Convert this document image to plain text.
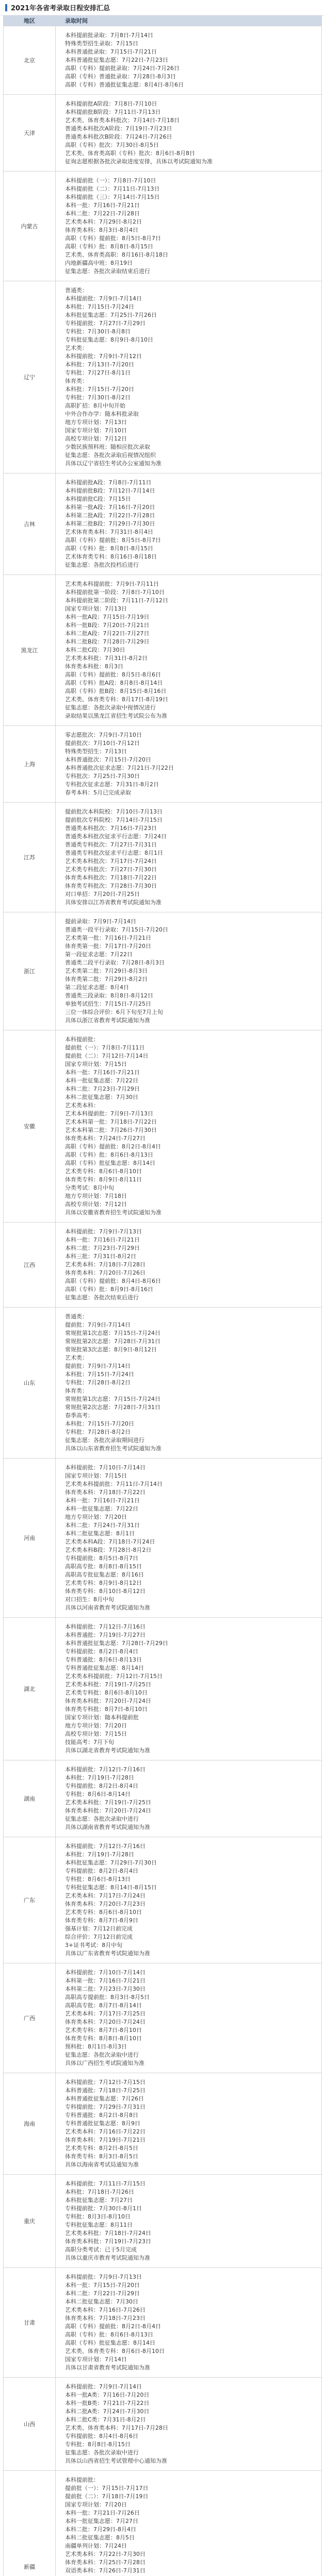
2021年各省考录取日程安排汇总
地区	录取时间
北京
本科提前批录取：7月8日-7月14日
特殊类型招生录取：7月15日
本科普通批录取：7月15日-7月21日
本科普通批征集志愿：7月22日-7月23日
高职（专科）提前批录取：7月24日-7月26日
高职（专科）普通批录取：7月28日-8月3日
高职（专科）普通批征集志愿：8月4日-8月6日
天津
本科提前批A阶段：7月8日-7月10日
本科提前批B阶段：7月11日-7月13日
艺术类、体育类本科批次：7月14日-7月18日
普通类本科批次A阶段：7月19日-7月23日
普通类本科批次B阶段：7月24日-7月26日
高职（专科）批次：7月30日-8月5日
艺术类、体育类高职（专科）批次：8月6日-8月8日
征询志愿根据各批次录取进度安排，具体以考试院通知为准
内蒙古
本科提前批（一）：7月8日-7月10日
本科提前批（二）：7月11日-7月13日
本科提前批（三）：7月14日-7月15日
本科一批：7月16日-7月21日
本科二批：7月22日-7月28日
艺术类本科：7月29日-8月2日
体育类本科：8月3日-8月4日
高职（专科）提前批：8月5日-8月7日
高职（专科）批：8月8日-8月15日
艺术类、体育类高职：8月16日-8月18日
内地新疆高中班：8月19日
征集志愿：各批次录取结束后进行
辽宁
普通类：
本科提前批：7月9日-7月14日
本科批：7月15日-7月24日
本科批征集志愿：7月25日-7月26日
专科提前批：7月27日-7月29日
专科批：7月30日-8月8日
专科批征集志愿：8月9日-8月10日
艺术类：
本科提前批：7月9日-7月12日
本科批：7月13日-7月20日
专科批：7月27日-8月1日
体育类：
本科批：7月15日-7月20日
专科批：7月30日-8月2日
高职扩招：8月中旬开始
中外合作办学：随本科批录取
地方专项计划：7月13日
国家专项计划：7月10日
高校专项计划：7月12日
少数民族预科班：随相应批次录取
征集志愿：各批次录取后视情况组织
具体以辽宁省招生考试办公室通知为准
吉林
本科提前批A段：7月8日-7月11日
本科提前批B段：7月12日-7月14日
本科提前批C段：7月15日
本科第一批A段：7月16日-7月20日
本科第二批A段：7月22日-7月28日
本科第二批B段：7月29日-7月30日
艺术体育类本科：7月31日-8月4日
高职（专科）提前批：8月5日-8月7日
高职（专科）批：8月8日-8月15日
艺术体育类专科：8月16日-8月18日
征集志愿：各批次投档后进行
黑龙江
艺术类本科提前批：7月9日-7月11日
本科提前批第一阶段：7月8日-7月10日
本科提前批第二阶段：7月11日-7月12日
国家专项计划：7月13日
本科一批A段：7月15日-7月19日
本科一批B段：7月20日-7月21日
本科二批A段：7月22日-7月27日
本科二批B段：7月28日-7月29日
本科二批C段：7月30日
艺术类本科批：7月31日-8月2日
体育类本科批：8月3日
高职（专科）提前批：8月5日-8月6日
高职（专科）批A段：8月8日-8月14日
高职（专科）批B段：8月15日-8月16日
艺术类、体育类专科：8月17日-8月19日
征集志愿：各批次录取中视情况进行
录取结果以黑龙江省招生考试院公布为准
上海
零志愿批次：7月9日-7月10日
提前批次：7月10日-7月12日
特殊类型招生：7月13日
本科普通批次：7月15日-7月20日
本科普通批次征求志愿：7月21日-7月22日
专科批次：7月25日-7月30日
专科批次征求志愿：7月31日-8月2日
春考本科：5月已完成录取
江苏
提前批次本科院校：7月10日-7月13日
提前批次专科院校：7月14日-7月15日
普通类本科批次：7月16日-7月23日
普通类本科批次征求平行志愿：7月24日
普通类专科批次：7月27日-7月31日
普通类专科批次征求平行志愿：8月1日
艺术类本科批次：7月17日-7月24日
艺术类专科批次：7月27日-7月30日
体育类本科批次：7月18日-7月22日
体育类专科批次：7月28日-7月30日
对口单招：7月20日-7月25日
具体安排以江苏省教育考试院通知为准
浙江
提前录取：7月9日-7月14日
普通类一段平行录取：7月15日-7月20日
艺术类第一批：7月16日-7月21日
体育类第一批：7月17日-7月20日
第一段征求志愿：7月22日
普通类二段平行录取：7月28日-8月3日
艺术类第二批：7月29日-8月3日
体育类第二批：7月29日-8月2日
第二段征求志愿：8月4日
普通类三段录取：8月8日-8月12日
单独考试招生：7月15日-7月25日
三位一体综合评价：6月下旬至7月上旬
具体以浙江省教育考试院通知为准
安徽
本科提前批：
提前批（一）：7月8日-7月11日
提前批（二）：7月12日-7月14日
国家专项计划：7月15日
本科一批：7月16日-7月21日
本科一批征集志愿：7月22日
本科二批：7月23日-7月29日
本科二批征集志愿：7月30日
艺术类本科：
艺术本科提前批：7月9日-7月13日
艺术本科第一批：7月18日-7月22日
艺术本科第二批：7月26日-7月30日
体育类本科：7月24日-7月27日
高职（专科）提前批：8月2日-8月4日
高职（专科）批：8月6日-8月13日
高职（专科）批征集志愿：8月14日
艺术类专科：8月6日-8月10日
体育类专科：8月9日-8月11日
分类考试：8月中旬
地方专项计划：7月18日
高校专项计划：7月12日
具体以安徽省教育招生考试院通知为准
江西
本科提前批：7月9日-7月13日
本科一批：7月16日-7月21日
本科二批：7月23日-7月29日
本科三批：7月31日-8月2日
艺术类本科：7月18日-7月28日
体育类本科：7月20日-7月26日
高职（专科）提前批：8月4日-8月6日
高职（专科）批：8月9日-8月16日
征集志愿：各批次结束后进行
山东
普通类：
提前批：7月9日-7月14日
常规批第1次志愿：7月15日-7月24日
常规批第2次志愿：7月28日-7月31日
常规批第3次志愿：8月9日-8月12日
艺术类：
提前批：7月9日-7月14日
本科批：7月15日-7月24日
专科批：7月28日-8月2日
体育类：
常规批第1次志愿：7月15日-7月24日
常规批第2次志愿：7月28日-7月31日
春季高考：
本科批：7月15日-7月20日
专科批：7月28日-8月2日
征集志愿：各批次录取期间进行
具体以山东省教育招生考试院通知为准
河南
本科提前批：7月10日-7月14日
国家专项计划：7月15日
艺术类本科提前批：7月11日-7月14日
体育类本科：7月18日-7月22日
本科一批：7月16日-7月21日
本科一批征集志愿：7月22日
地方专项计划：7月20日
本科二批：7月24日-7月31日
本科二批征集志愿：8月1日
艺术类本科A段：7月18日-7月24日
艺术类本科B段：7月28日-8月2日
专科提前批：8月5日-8月7日
高职高专批：8月8日-8月15日
高职高专批征集志愿：8月16日
艺术类专科：8月9日-8月12日
体育类专科：8月10日-8月12日
对口招生：8月中旬
具体以河南省教育考试院通知为准
湖北
本科提前批：7月12日-7月16日
本科普通批：7月19日-7月27日
本科普通批征集志愿：7月28日-7月29日
专科提前批：8月2日-8月4日
专科普通批：8月6日-8月13日
专科普通批征集志愿：8月14日
艺术类本科提前批：7月12日-7月15日
艺术类本科批：7月19日-7月25日
艺术类专科批：8月6日-8月10日
体育类本科批：7月20日-7月24日
体育类专科批：8月7日-8月10日
国家专项计划：随本科提前批
地方专项计划：7月20日
高校专项计划：7月15日
技能高考：7月下旬
具体以湖北省教育考试院通知为准
湖南
本科提前批：7月12日-7月16日
本科批：7月19日-7月28日
专科提前批：8月2日-8月4日
专科批：8月6日-8月14日
艺术类本科批：7月19日-7月25日
体育类本科批：7月20日-7月24日
征集志愿：各批次录取中进行
具体以湖南省教育考试院通知为准
广东
本科提前批：7月12日-7月16日
本科批：7月19日-7月28日
本科批征集志愿：7月29日-7月30日
专科提前批：8月2日-8月4日
专科批：8月6日-8月13日
专科批征集志愿：8月14日-8月15日
艺术类本科：7月17日-7月24日
体育类本科：7月20日-7月23日
艺术类专科：8月6日-8月10日
体育类专科：8月7日-8月9日
强基计划：7月12日前完成
综合评价：7月12日前完成
3+证书考试：8月中旬
具体以广东省教育考试院通知为准
广西
本科提前批：7月10日-7月14日
本科第一批：7月16日-7月21日
本科第二批：7月23日-7月30日
高职高专提前批：8月3日-8月5日
高职高专批：8月7日-8月14日
艺术类本科：7月17日-7月25日
体育类本科：7月20日-7月24日
艺术类专科：8月7日-8月10日
体育类专科：8月8日-8月10日
预科批：8月1日-8月3日
征集志愿：各批次录取中进行
具体以广西招生考试院通知为准
海南
本科提前批：7月12日-7月15日
本科普通批：7月18日-7月25日
本科普通批征集志愿：7月26日
专科提前批：7月29日-7月31日
专科普通批：8月2日-8月8日
专科普通批征集志愿：8月9日
艺术类本科：7月16日-7月22日
体育类本科：7月19日-7月21日
艺术类专科：8月2日-8月5日
体育类专科：8月3日-8月5日
具体以海南省考试局通知为准
重庆
本科提前批：7月11日-7月15日
本科批：7月18日-7月26日
本科批征集志愿：7月27日
专科提前批：7月30日-8月1日
专科批：8月3日-8月10日
专科批征集志愿：8月11日
艺术类本科批：7月18日-7月24日
体育类本科批：7月19日-7月23日
高职分类考试：已于5月完成
具体以重庆市教育考试院通知为准
甘肃
本科提前批：7月9日-7月13日
本科一批：7月15日-7月20日
本科二批：7月22日-7月29日
本科二批征集志愿：7月30日
艺术类本科：7月16日-7月26日
体育类本科：7月18日-7月23日
高职（专科）提前批：8月2日-8月4日
高职（专科）批：8月6日-8月13日
高职（专科）批征集志愿：8月14日
艺术类、体育类专科：8月6日-8月10日
国家专项计划：7月14日
具体以甘肃省教育考试院通知为准
山西
本科提前批：7月9日-7月14日
本科一批A类：7月16日-7月20日
本科一批B类：7月21日-7月22日
本科二批A类：7月24日-7月30日
本科二批C类：7月31日-8月2日
艺术类、体育类本科：7月17日-7月28日
专科提前批：8月4日-8月6日
专科批：8月8日-8月15日
征集志愿：各批次录取中进行
具体以山西省招生考试管理中心通知为准
新疆
本科提前批：
提前批（一）：7月15日-7月17日
提前批（二）：7月18日-7月19日
国家专项计划：7月20日
本科一批：7月21日-7月26日
本科一批征集志愿：7月27日
本科二批：7月29日-8月4日
本科二批征集志愿：8月5日
南疆单列计划：7月24日
艺术类本科：7月22日-7月30日
体育类本科：7月25日-7月28日
双语类本科：7月26日-7月31日
